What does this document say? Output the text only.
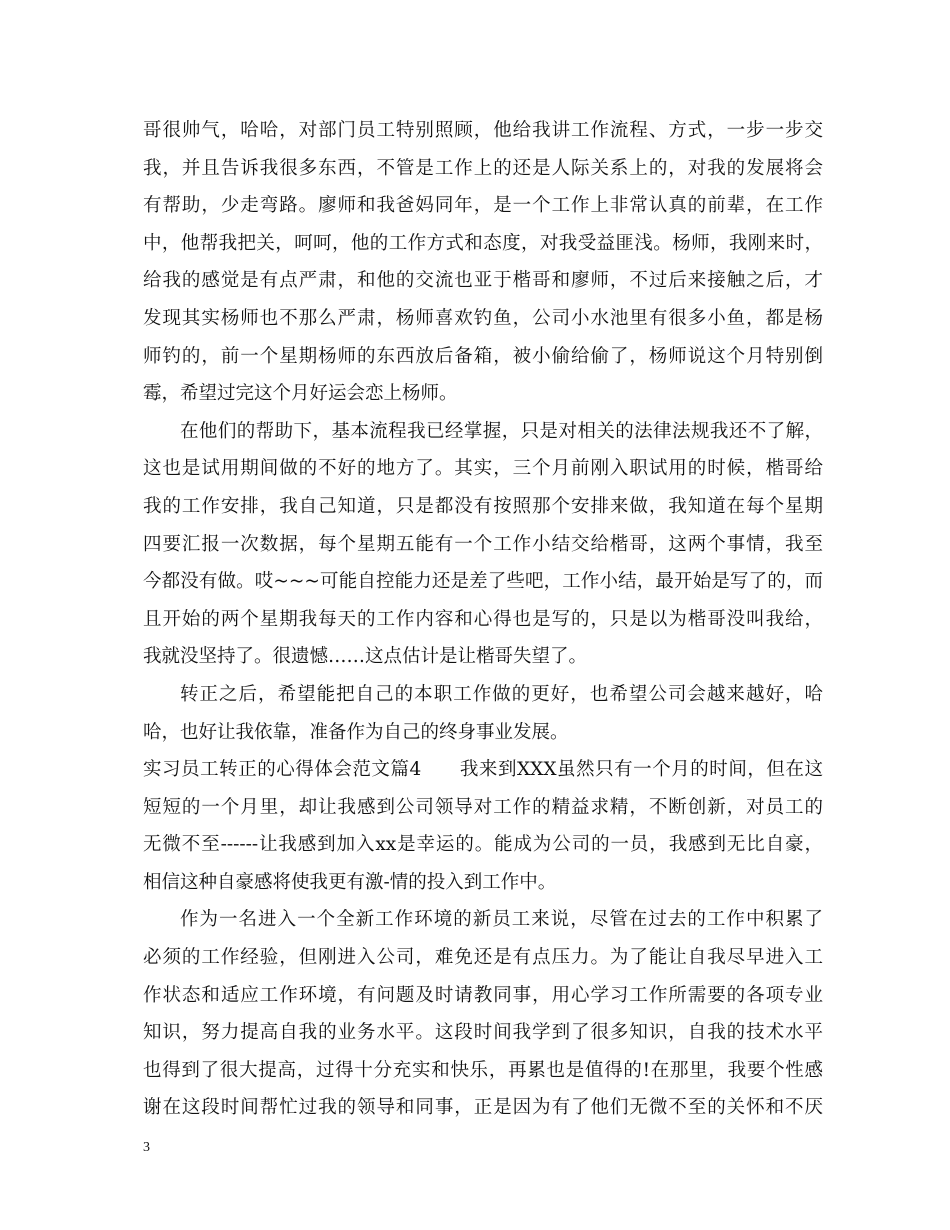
哥很帅气，哈哈，对部门员工特别照顾，他给我讲工作流程、方式，一步一步交
我，并且告诉我很多东西，不管是工作上的还是人际关系上的，对我的发展将会
有帮助，少走弯路。廖师和我爸妈同年，是一个工作上非常认真的前辈，在工作
中，他帮我把关，呵呵，他的工作方式和态度，对我受益匪浅。杨师，我刚来时，
给我的感觉是有点严肃，和他的交流也亚于楷哥和廖师，不过后来接触之后，才
发现其实杨师也不那么严肃，杨师喜欢钓鱼，公司小水池里有很多小鱼，都是杨
师钓的，前一个星期杨师的东西放后备箱，被小偷给偷了，杨师说这个月特别倒
霉，希望过完这个月好运会恋上杨师。
在他们的帮助下，基本流程我已经掌握，只是对相关的法律法规我还不了解，
这也是试用期间做的不好的地方了。其实，三个月前刚入职试用的时候，楷哥给
我的工作安排，我自己知道，只是都没有按照那个安排来做，我知道在每个星期
四要汇报一次数据，每个星期五能有一个工作小结交给楷哥，这两个事情，我至
今都没有做。哎~~~可能自控能力还是差了些吧，工作小结，最开始是写了的，而
且开始的两个星期我每天的工作内容和心得也是写的，只是以为楷哥没叫我给，
我就没坚持了。很遗憾……这点估计是让楷哥失望了。
转正之后，希望能把自己的本职工作做的更好，也希望公司会越来越好，哈
哈，也好让我依靠，准备作为自己的终身事业发展。
实习员工转正的心得体会范文篇4　　我来到XXX虽然只有一个月的时间，但在这
短短的一个月里，却让我感到公司领导对工作的精益求精，不断创新，对员工的
无微不至------让我感到加入xx是幸运的。能成为公司的一员，我感到无比自豪，
相信这种自豪感将使我更有激-情的投入到工作中。
作为一名进入一个全新工作环境的新员工来说，尽管在过去的工作中积累了
必须的工作经验，但刚进入公司，难免还是有点压力。为了能让自我尽早进入工
作状态和适应工作环境，有问题及时请教同事，用心学习工作所需要的各项专业
知识，努力提高自我的业务水平。这段时间我学到了很多知识，自我的技术水平
也得到了很大提高，过得十分充实和快乐，再累也是值得的!在那里，我要个性感
谢在这段时间帮忙过我的领导和同事，正是因为有了他们无微不至的关怀和不厌
3
